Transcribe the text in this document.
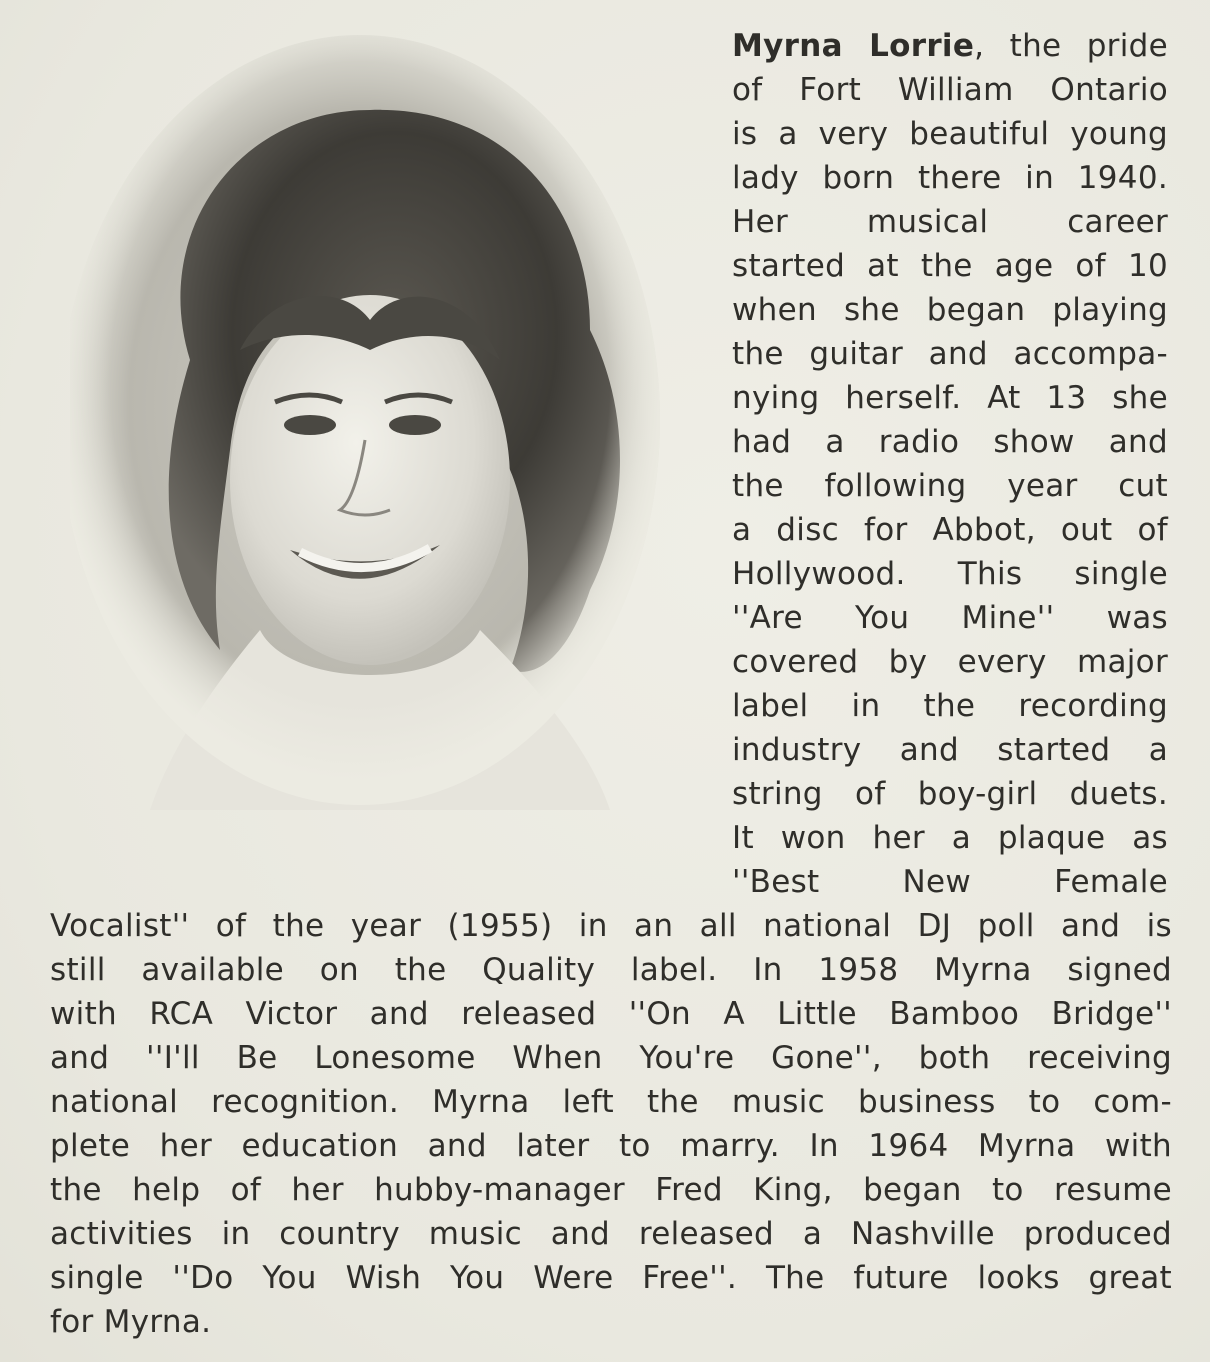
Myrna Lorrie, the pride
of Fort William Ontario
is a very beautiful young
lady born there in 1940.
Her musical career
started at the age of 10
when she began playing
the guitar and accompa-
nying herself. At 13 she
had a radio show and
the following year cut
a disc for Abbot, out of
Hollywood. This single
''Are You Mine'' was
covered by every major
label in the recording
industry and started a
string of boy-girl duets.
It won her a plaque as
''Best New Female
Vocalist'' of the year (1955) in an all national DJ poll and is
still available on the Quality label. In 1958 Myrna signed
with RCA Victor and released ''On A Little Bamboo Bridge''
and ''I'll Be Lonesome When You're Gone'', both receiving
national recognition. Myrna left the music business to com-
plete her education and later to marry. In 1964 Myrna with
the help of her hubby-manager Fred King, began to resume
activities in country music and released a Nashville produced
single ''Do You Wish You Were Free''. The future looks great
for Myrna.
